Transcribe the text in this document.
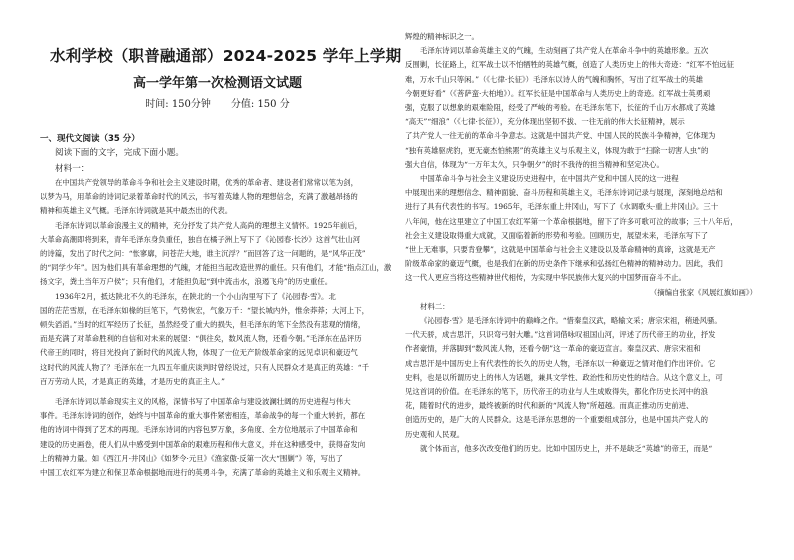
水利学校（职普融通部）2024-2025 学年上学期
高一学年第一次检测语文试题
时间: 150分钟　　分值: 150 分
一、现代文阅读（35 分）
阅读下面的文字，完成下面小题。
材料一：
在中国共产党领导的革命斗争和社会主义建设时期，优秀的革命者、建设者们常常以笔为剑，
以梦为马，用革命的诗词记录着革命时代的风云，书写着英雄人物的理想信念，充满了激越昂扬的
精神和英雄主义气概。毛泽东诗词就是其中最杰出的代表。
毛泽东诗词以革命浪漫主义的精神，充分抒发了共产党人高尚的理想主义情怀。1925年前后，
大革命高潮即将到来，青年毛泽东身负重任，独自在橘子洲上写下了《沁园春·长沙》这首气壮山河
的诗篇，发出了时代之问：“怅寥廓，问苍茫大地，谁主沉浮？”而回答了这一问题的，是“风华正茂”
的“同学少年”。因为他们具有革命理想的气魄，才能担当起改造世界的重任。只有他们，才能“指点江山，激
扬文字，粪土当年万户侯”；只有他们，才能担负起“到中流击水，浪遏飞舟”的历史重任。
1936年2月，抵达陕北不久的毛泽东，在陕北的一个小山沟里写下了《沁园春·雪》。北
国的茫茫雪原，在毛泽东如椽的巨笔下，气势恢宏，气象万千：“望长城内外，惟余莽莽；大河上下，
顿失滔滔。”当时的红军经历了长征，虽然经受了重大的损失，但毛泽东的笔下全然没有悲观的情绪，
而是充满了对革命胜利的自信和对未来的展望：“俱往矣，数风流人物，还看今朝。”毛泽东在品评历
代帝王的同时，将目光投向了新时代的风流人物，体现了一位无产阶级革命家的远见卓识和豪迈气
这时代的风流人物了？毛泽东在一九四五年重庆谈判时曾经说过，只有人民群众才是真正的英雄：“千
百万劳动人民，才是真正的英雄，才是历史的真正主人。”
毛泽东诗词以革命现实主义的风格，深情书写了中国革命与建设波澜壮阔的历史进程与伟大
事件。毛泽东诗词的创作，始终与中国革命的重大事件紧密相连，革命战争的每一个重大转折，都在
他的诗词中得到了艺术的再现。毛泽东诗词的内容包罗万象，多角度、全方位地展示了中国革命和
建设的历史画卷，使人们从中感受到中国革命的艰难历程和伟大意义，并在这种感受中，获得奋发向
上的精神力量。如《西江月·井冈山》《如梦令·元旦》《渔家傲·反第一次大“围剿”》等，写出了
中国工农红军为建立和保卫革命根据地而进行的英勇斗争，充满了革命的英雄主义和乐观主义精神。
辉煌的精神标识之一。
毛泽东诗词以革命英雄主义的气魄，生动刻画了共产党人在革命斗争中的英雄形象。五次
反围剿，长征路上，红军战士以不怕牺牲的英雄气概，创造了人类历史上的伟大奇迹：“红军不怕远征
难，万水千山只等闲。”（《七律·长征》）毛泽东以诗人的气魄和胸怀，写出了红军战士的英雄
今朝更好看”（《菩萨蛮·大柏地》）。红军长征是中国革命与人类历史上的奇迹。红军战士英勇顽
强，克服了以想象的艰难险阻，经受了严峻的考验。在毛泽东笔下，长征的千山万水都成了英雄
“高天”“细浪”（《七律·长征》），充分体现出坚韧不拔、一往无前的伟大长征精神，展示
了共产党人一往无前的革命斗争意志。这就是中国共产党、中国人民的民族斗争精神，它体现为
“独有英雄驱虎豹，更无豪杰怕熊罴”的英雄主义与乐观主义，体现为敢于“扫除一切害人虫”的
强大自信，体现为“一万年太久，只争朝夕”的时不我待的担当精神和坚定决心。
中国革命斗争与社会主义建设历史进程中，在中国共产党和中国人民的这一进程
中展现出来的理想信念、精神面貌、奋斗历程和英雄主义，毛泽东诗词记录与展现，深刻地总结和
进行了具有代表性的书写。1965年，毛泽东重上井冈山，写下了《水调歌头·重上井冈山》。三十
八年间，他在这里建立了中国工农红军第一个革命根据地，留下了许多可歌可泣的故事；三十八年后，
社会主义建设取得重大成就，又面临着新的形势和考验。回顾历史，展望未来，毛泽东写下了
“世上无难事，只要肯登攀”，这就是中国革命与社会主义建设以及革命精神的真谛，这就是无产
阶级革命家的豪迈气概，也是我们在新的历史条件下继承和弘扬红色精神的精神动力。因此，我们
这一代人更应当将这些精神世代相传，为实现中华民族伟大复兴的中国梦而奋斗不止。
（摘编自张家《风展红旗如画》）
材料二：
《沁园春·雪》是毛泽东诗词中的巅峰之作。“惜秦皇汉武，略输文采；唐宗宋祖，稍逊风骚。
一代天骄，成吉思汗，只识弯弓射大雕。”这首词借咏叹祖国山河，评述了历代帝王的功业，抒发
作者豪情，并落脚到“数风流人物，还看今朝”这一革命的豪迈宣言。秦皇汉武、唐宗宋祖和
成吉思汗是中国历史上有代表性的长久的历史人物，毛泽东以一种豪迈之情对他们作出评价。它
史料，也是以所谓历史上的伟人为话题，兼具文学性、政治性和历史性的结合。从这个意义上，可
见这首词的价值。在毛泽东的笔下，历代帝王的功业与人生成败得失，都化作历史长河中的浪
花，随着时代的进步，最终被新的时代和新的“风流人物”所超越。而真正推动历史前进、
创造历史的，是广大的人民群众。这是毛泽东思想的一个重要组成部分，也是中国共产党人的
历史观和人民观。
就个体而言，他多次改变他们的历史。比如中国历史上，并不是缺乏“英雄”的帝王，而是“
